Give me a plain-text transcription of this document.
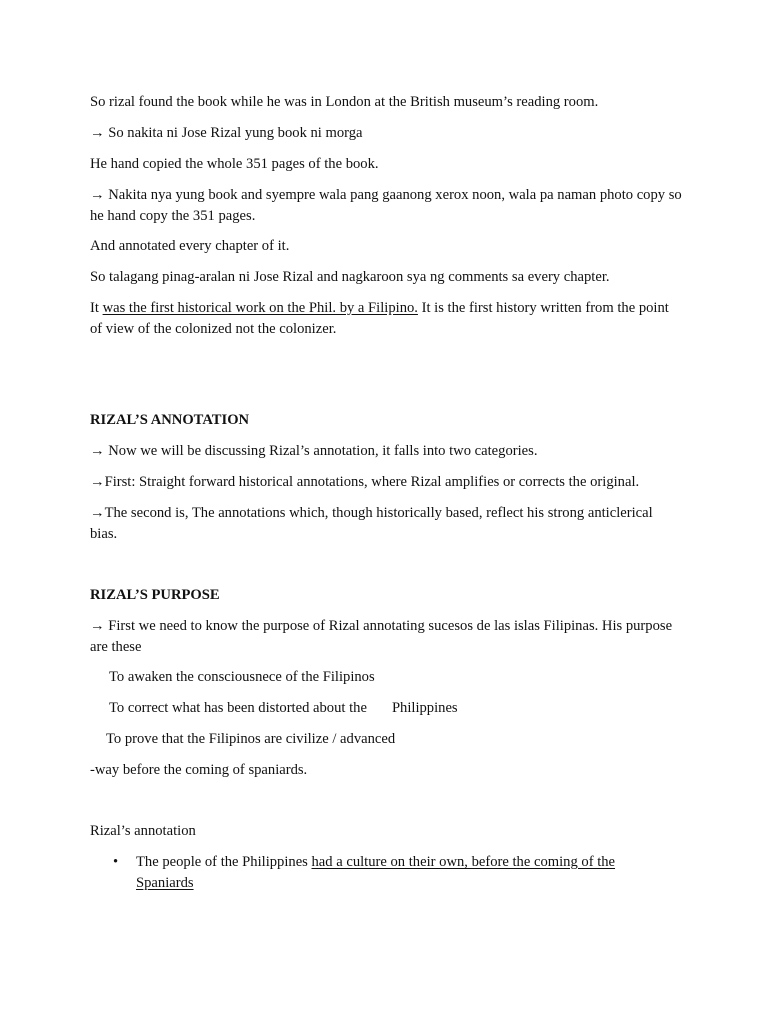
So rizal found the book while he was in London at the British museum’s reading room.
→ So nakita ni Jose Rizal yung book ni morga
He hand copied the whole 351 pages of the book.
→ Nakita nya yung book and syempre wala pang gaanong xerox noon, wala pa naman photo copy so he hand copy the 351 pages.
And annotated every chapter of it.
So talagang pinag-aralan ni Jose Rizal and nagkaroon sya ng comments sa every chapter.
It was the first historical work on the Phil. by a Filipino. It is the first history written from the point of view of the colonized not the colonizer.
RIZAL’S ANNOTATION
→ Now we will be discussing Rizal’s annotation, it falls into two categories.
→First: Straight forward historical annotations, where Rizal amplifies or corrects the original.
→The second is, The annotations which, though historically based, reflect his strong anticlerical bias.
RIZAL’S PURPOSE
→ First we need to know the purpose of Rizal annotating sucesos de las islas Filipinas. His purpose are these
To awaken the consciousnece of the Filipinos
To correct what has been distorted about the Philippines
To prove that the Filipinos are civilize / advanced
-way before the coming of spaniards.
Rizal’s annotation
• The people of the Philippines had a culture on their own, before the coming of the Spaniards
